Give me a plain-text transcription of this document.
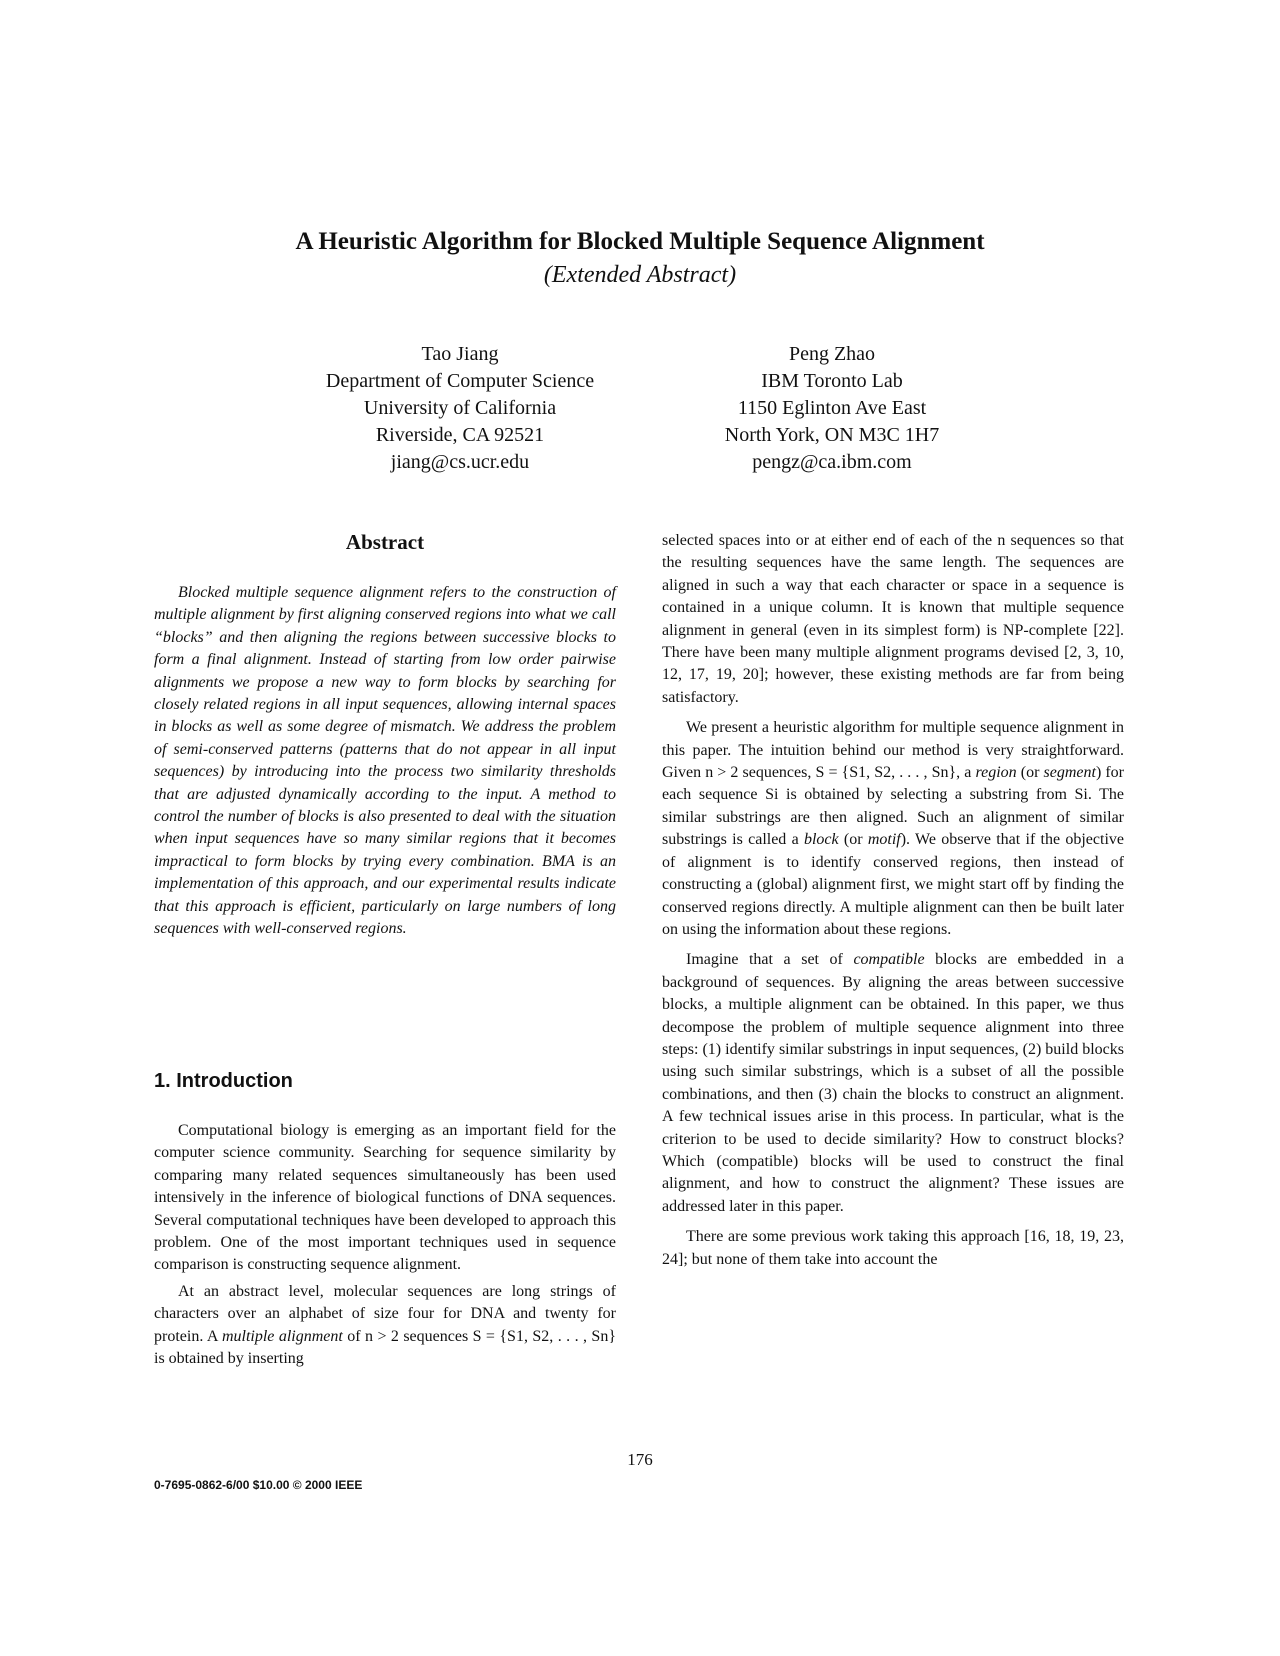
A Heuristic Algorithm for Blocked Multiple Sequence Alignment
(Extended Abstract)
Tao Jiang
Department of Computer Science
University of California
Riverside, CA 92521
jiang@cs.ucr.edu
Peng Zhao
IBM Toronto Lab
1150 Eglinton Ave East
North York, ON M3C 1H7
pengz@ca.ibm.com
Abstract

Blocked multiple sequence alignment refers to the construction of multiple alignment by first aligning conserved regions into what we call “blocks” and then aligning the regions between successive blocks to form a final alignment. Instead of starting from low order pairwise alignments we propose a new way to form blocks by searching for closely related regions in all input sequences, allowing internal spaces in blocks as well as some degree of mismatch. We address the problem of semi-conserved patterns (patterns that do not appear in all input sequences) by introducing into the process two similarity thresholds that are adjusted dynamically according to the input. A method to control the number of blocks is also presented to deal with the situation when input sequences have so many similar regions that it becomes impractical to form blocks by trying every combination. BMA is an implementation of this approach, and our experimental results indicate that this approach is efficient, particularly on large numbers of long sequences with well-conserved regions.

1. Introduction

Computational biology is emerging as an important field for the computer science community. Searching for sequence similarity by comparing many related sequences simultaneously has been used intensively in the inference of biological functions of DNA sequences. Several computational techniques have been developed to approach this problem. One of the most important techniques used in sequence comparison is constructing sequence alignment.

At an abstract level, molecular sequences are long strings of characters over an alphabet of size four for DNA and twenty for protein. A multiple alignment of n > 2 sequences S = {S1, S2, . . . , Sn} is obtained by inserting

selected spaces into or at either end of each of the n sequences so that the resulting sequences have the same length. The sequences are aligned in such a way that each character or space in a sequence is contained in a unique column. It is known that multiple sequence alignment in general (even in its simplest form) is NP-complete [22]. There have been many multiple alignment programs devised [2, 3, 10, 12, 17, 19, 20]; however, these existing methods are far from being satisfactory.

We present a heuristic algorithm for multiple sequence alignment in this paper. The intuition behind our method is very straightforward. Given n > 2 sequences, S = {S1, S2, . . . , Sn}, a region (or segment) for each sequence Si is obtained by selecting a substring from Si. The similar substrings are then aligned. Such an alignment of similar substrings is called a block (or motif). We observe that if the objective of alignment is to identify conserved regions, then instead of constructing a (global) alignment first, we might start off by finding the conserved regions directly. A multiple alignment can then be built later on using the information about these regions.

Imagine that a set of compatible blocks are embedded in a background of sequences. By aligning the areas between successive blocks, a multiple alignment can be obtained. In this paper, we thus decompose the problem of multiple sequence alignment into three steps: (1) identify similar substrings in input sequences, (2) build blocks using such similar substrings, which is a subset of all the possible combinations, and then (3) chain the blocks to construct an alignment. A few technical issues arise in this process. In particular, what is the criterion to be used to decide similarity? How to construct blocks? Which (compatible) blocks will be used to construct the final alignment, and how to construct the alignment? These issues are addressed later in this paper.

There are some previous work taking this approach [16, 18, 19, 23, 24]; but none of them take into account the

176
0-7695-0862-6/00 $10.00 © 2000 IEEE
